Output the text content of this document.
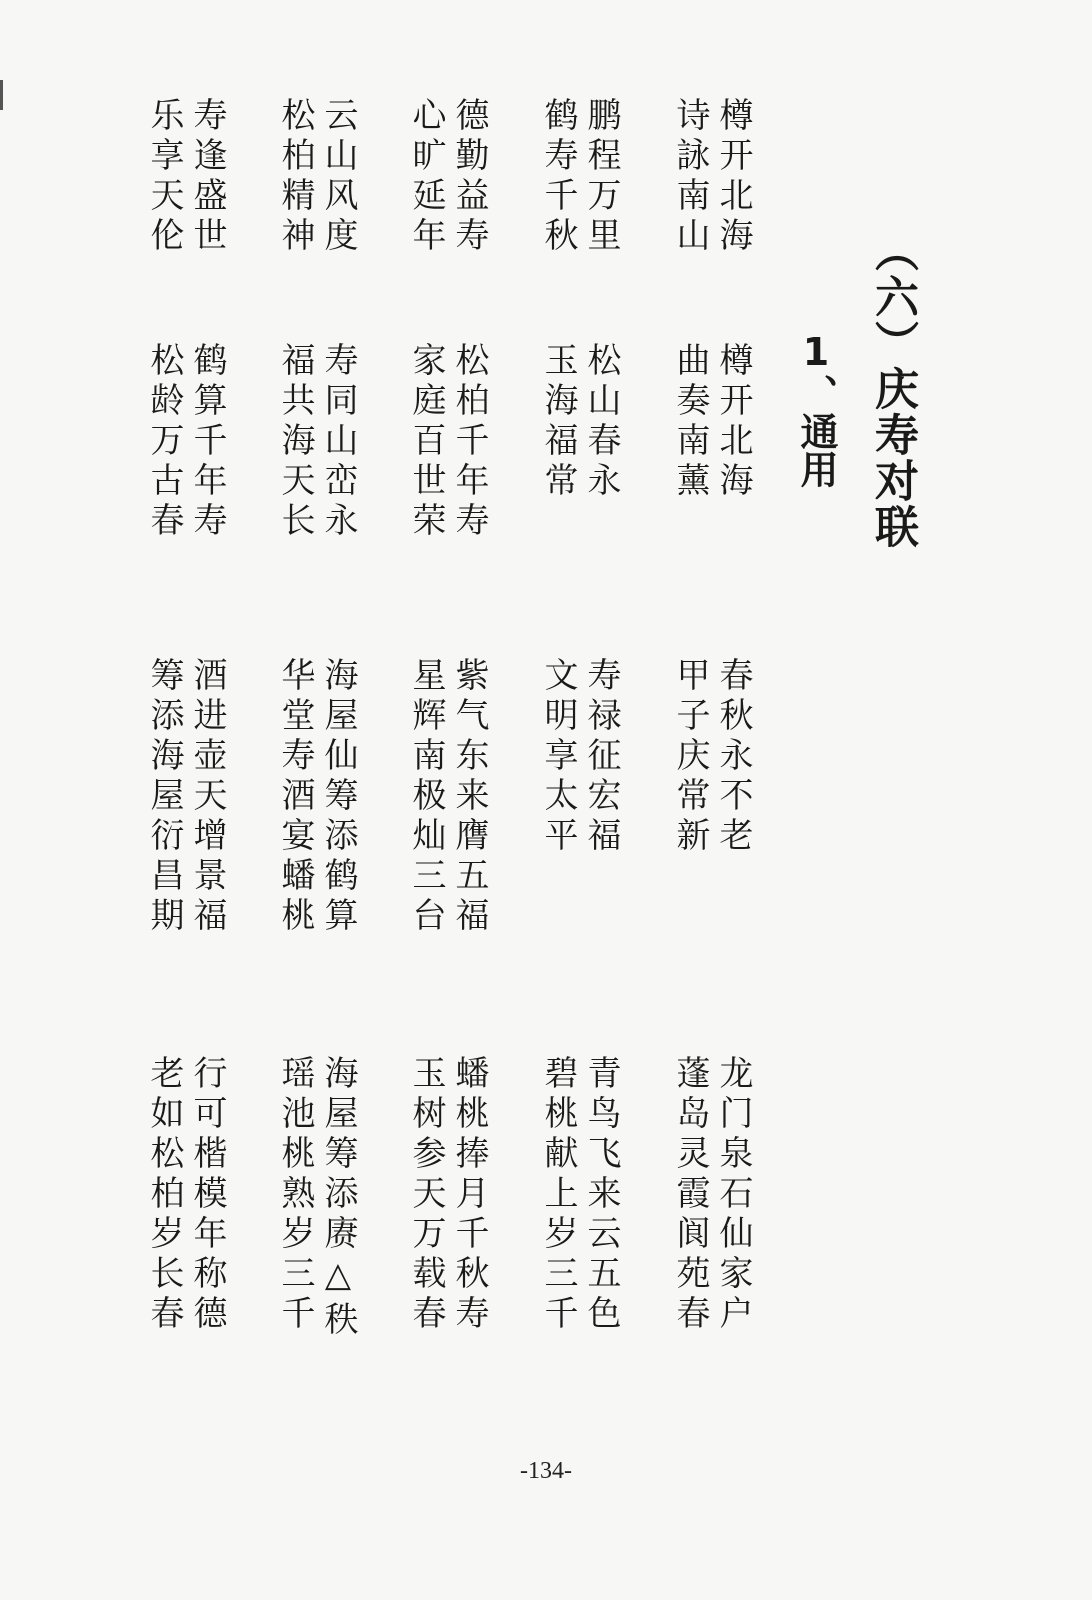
（六）庆寿对联
1、通用
樽开北海
诗詠南山
鹏程万里
鹤寿千秋
德勤益寿
心旷延年
云山风度
松柏精神
寿逢盛世
乐享天伦
樽开北海
曲奏南薰
松山春永
玉海福常
松柏千年寿
家庭百世荣
寿同山峦永
福共海天长
鹤算千年寿
松龄万古春
春秋永不老
甲子庆常新
寿禄征宏福
文明享太平
紫气东来膺五福
星辉南极灿三台
海屋仙筹添鹤算
华堂寿酒宴蟠桃
酒进壶天增景福
筹添海屋衍昌期
龙门泉石仙家户
蓬岛灵霞阆苑春
青鸟飞来云五色
碧桃献上岁三千
蟠桃捧月千秋寿
玉树参天万载春
海屋筹添赓△秩
瑶池桃熟岁三千
行可楷模年称德
老如松柏岁长春
-134-
